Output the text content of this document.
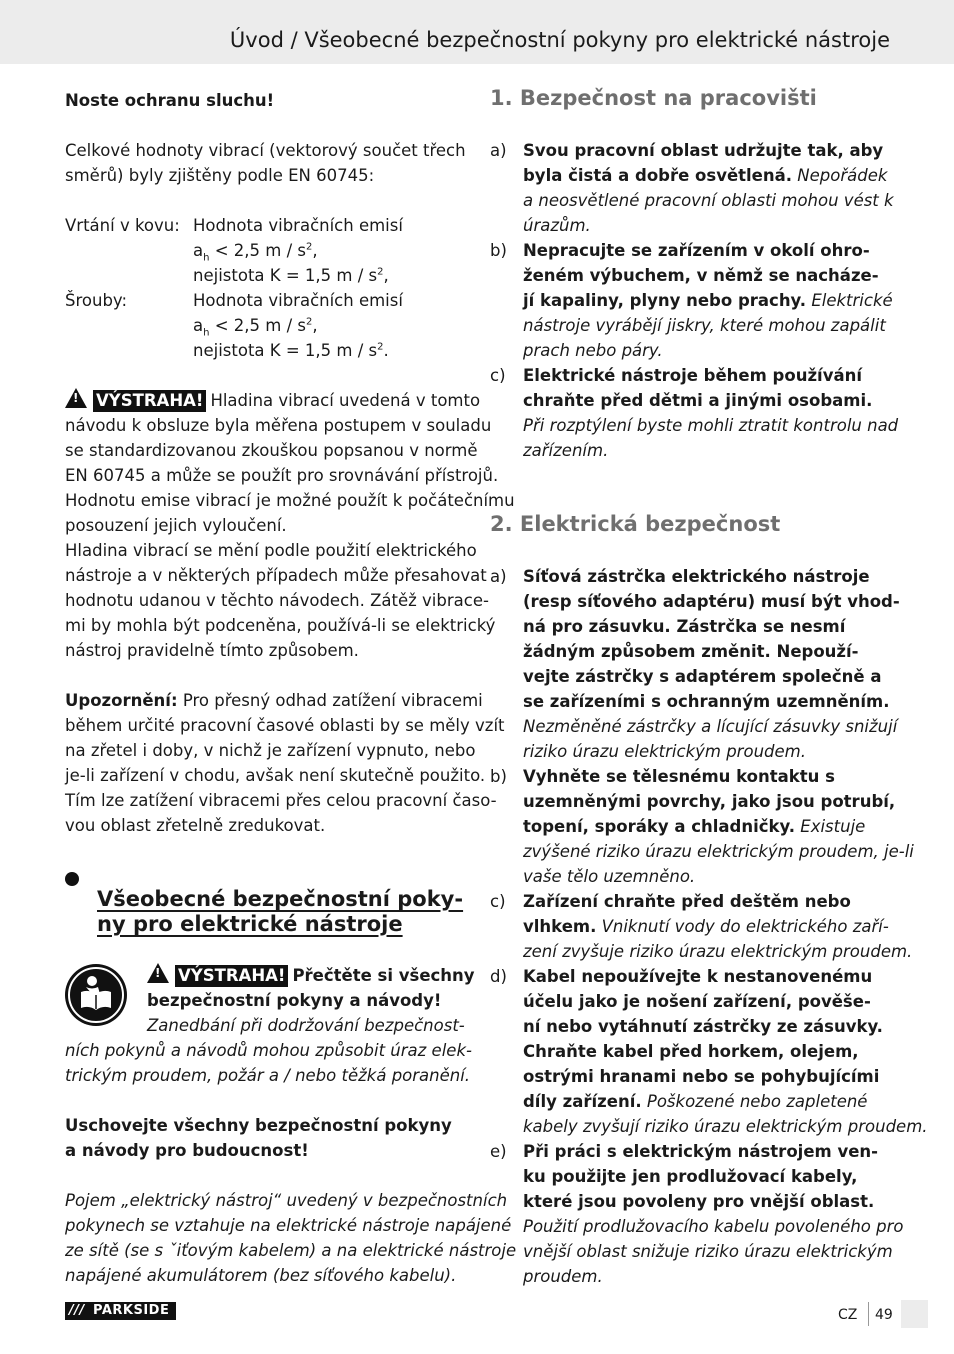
Úvod / Všeobecné bezpečnostní pokyny pro elektrické nástroje

Noste ochranu sluchu!

Celkové hodnoty vibrací (vektorový součet třech

směrů) byly zjištěny podle EN 60745:

Vrtání v kovu: Hodnota vibračních emisí

$a_h < 2,5$ m / $s^2$,

nejistota K = 1,5 m / $s^2$,

Šrouby:	Hodnota vibračních emisí

$a_h < 2,5$ m / $s^2$,

nejistota K = 1,5 m / $s^2$.

!VÝSTRAHA! Hladina vibrací uvedená v tomto

návodu k obsluze byla měřena postupem v souladu

se standardizovanou zkouškou popsanou v normě

EN 60745 a může se použít pro srovnávání přístrojů.

Hodnotu emise vibrací je možné použít k počátečnímu

posouzení jejich vyloučení.

Hladina vibrací se mění podle použití elektrického

nástroje a v některých případech může přesahovat

hodnotu udanou v těchto návodech. Zátěž vibrace-

mi by mohla být podceněna, používá-li se elektrický

nástroj pravidelně tímto způsobem.

Upozornění: Pro přesný odhad zatížení vibracemi

během určité pracovní časové oblasti by se měly vzít

na zřetel i doby, v nichž je zařízení vypnuto, nebo

je-li zařízení v chodu, avšak není skutečně použito.

Tím lze zatížení vibracemi přes celou pracovní časo-

vou oblast zřetelně zredukovat.

Všeobecné bezpečnostní poky-

ny pro elektrické nástroje

!VÝSTRAHA! Přečtěte si všechny

bezpečnostní pokyny a návody!

Zanedbání při dodržování bezpečnost-

ních pokynů a návodů mohou způsobit úraz elek-

trickým proudem, požár a / nebo těžká poranění.

Uschovejte všechny bezpečnostní pokyny

a návody pro budoucnost!

Pojem „elektrický nástroj“ uvedený v bezpečnostních

pokynech se vztahuje na elektrické nástroje napájené

ze sítě (se s ˇiťovým kabelem) a na elektrické nástroje

napájené akumulátorem (bez síťového kabelu).

1. Bezpečnost na pracovišti

a) Svou pracovní oblast udržujte tak, aby

byla čistá a dobře osvětlená. Nepořádek

a neosvětlené pracovní oblasti mohou vést k

úrazům.

b) Nepracujte se zařízením v okolí ohro-

ženém výbuchem, v němž se nacháze-

jí kapaliny, plyny nebo prachy. Elektrické

nástroje vyrábějí jiskry, které mohou zapálit

prach nebo páry.

c) Elektrické nástroje během používání

chraňte před dětmi a jinými osobami.

Při rozptýlení byste mohli ztratit kontrolu nad

zařízením.

2. Elektrická bezpečnost

a) Síťová zástrčka elektrického nástroje

(resp síťového adaptéru) musí být vhod-

ná pro zásuvku. Zástrčka se nesmí

žádným způsobem změnit. Nepouží-

vejte zástrčky s adaptérem společně a

se zařízeními s ochranným uzemněním.

Nezměněné zástrčky a lícující zásuvky snižují

riziko úrazu elektrickým proudem.

b) Vyhněte se tělesnému kontaktu s

uzemněnými povrchy, jako jsou potrubí,

topení, sporáky a chladničky. Existuje

zvýšené riziko úrazu elektrickým proudem, je-li

vaše tělo uzemněno.

c) Zařízení chraňte před deštěm nebo

vlhkem. Vniknutí vody do elektrického zaří-

zení zvyšuje riziko úrazu elektrickým proudem.

d) Kabel nepoužívejte k nestanovenému

účelu jako je nošení zařízení, pověše-

ní nebo vytáhnutí zástrčky ze zásuvky.

Chraňte kabel před horkem, olejem,

ostrými hranami nebo se pohybujícími

díly zařízení. Poškozené nebo zapletené

kabely zvyšují riziko úrazu elektrickým proudem.

e) Při práci s elektrickým nástrojem ven-

ku použijte jen prodlužovací kabely,

které jsou povoleny pro vnější oblast.

Použití prodlužovacího kabelu povoleného pro

vnější oblast snižuje riziko úrazu elektrickým

proudem.

/// PARKSIDE	CZ 49
